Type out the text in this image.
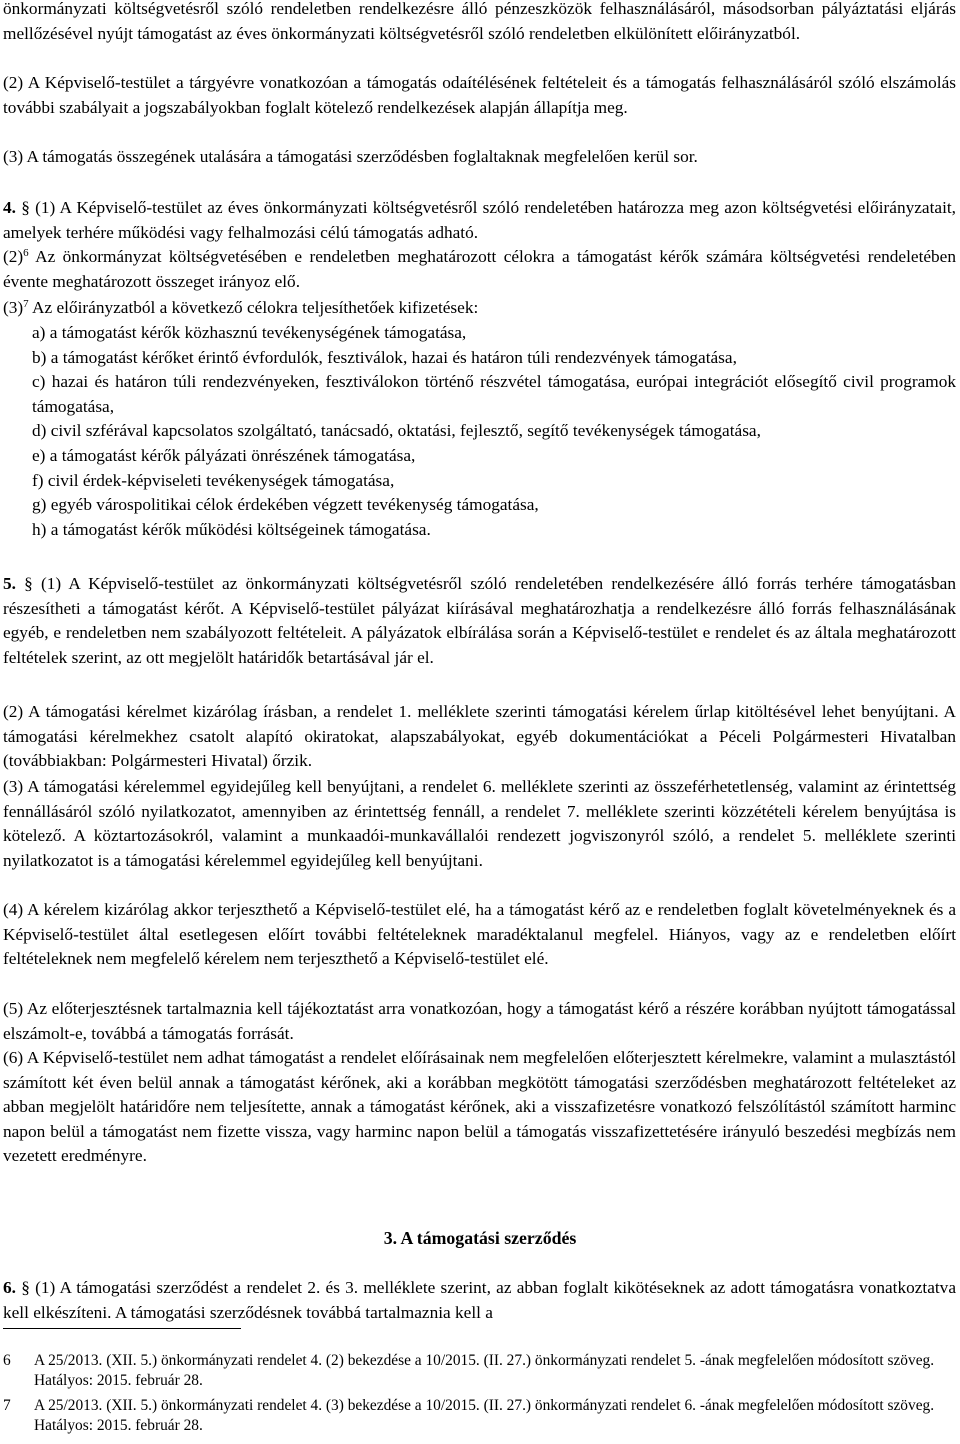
önkormányzati költségvetésről szóló rendeletben rendelkezésre álló pénzeszközök felhasználásáról, másodsorban pályáztatási eljárás mellőzésével nyújt támogatást az éves önkormányzati költségvetésről szóló rendeletben elkülönített előirányzatból.

(2) A Képviselő-testület a tárgyévre vonatkozóan a támogatás odaítélésének feltételeit és a támogatás felhasználásáról szóló elszámolás további szabályait a jogszabályokban foglalt kötelező rendelkezések alapján állapítja meg.

(3) A támogatás összegének utalására a támogatási szerződésben foglaltaknak megfelelően kerül sor.

4. § (1) A Képviselő-testület az éves önkormányzati költségvetésről szóló rendeletében határozza meg azon költségvetési előirányzatait, amelyek terhére működési vagy felhalmozási célú támogatás adható.

$(2)^6$ Az önkormányzat költségvetésében e rendeletben meghatározott célokra a támogatást kérők számára költségvetési rendeletében évente meghatározott összeget irányoz elő.

$(3)^7$ Az előirányzatból a következő célokra teljesíthetőek kifizetések:

a) a támogatást kérők közhasznú tevékenységének támogatása,
b) a támogatást kérőket érintő évfordulók, fesztiválok, hazai és határon túli rendezvények támogatása,
c) hazai és határon túli rendezvényeken, fesztiválokon történő részvétel támogatása, európai integrációt elősegítő civil programok támogatása,
d) civil szférával kapcsolatos szolgáltató, tanácsadó, oktatási, fejlesztő, segítő tevékenységek támogatása,
e) a támogatást kérők pályázati önrészének támogatása,
f) civil érdek-képviseleti tevékenységek támogatása,
g) egyéb várospolitikai célok érdekében végzett tevékenység támogatása,
h) a támogatást kérők működési költségeinek támogatása.

5. § (1) A Képviselő-testület az önkormányzati költségvetésről szóló rendeletében rendelkezésére álló forrás terhére támogatásban részesítheti a támogatást kérőt. A Képviselő-testület pályázat kiírásával meghatározhatja a rendelkezésre álló forrás felhasználásának egyéb, e rendeletben nem szabályozott feltételeit. A pályázatok elbírálása során a Képviselő-testület e rendelet és az általa meghatározott feltételek szerint, az ott megjelölt határidők betartásával jár el.

(2) A támogatási kérelmet kizárólag írásban, a rendelet 1. melléklete szerinti támogatási kérelem űrlap kitöltésével lehet benyújtani. A támogatási kérelmekhez csatolt alapító okiratokat, alapszabályokat, egyéb dokumentációkat a Péceli Polgármesteri Hivatalban (továbbiakban: Polgármesteri Hivatal) őrzik.

(3) A támogatási kérelemmel egyidejűleg kell benyújtani, a rendelet 6. melléklete szerinti az összeférhetetlenség, valamint az érintettség fennállásáról szóló nyilatkozatot, amennyiben az érintettség fennáll, a rendelet 7. melléklete szerinti közzétételi kérelem benyújtása is kötelező. A köztartozásokról, valamint a munkaadói-munkavállalói rendezett jogviszonyról szóló, a rendelet 5. melléklete szerinti nyilatkozatot is a támogatási kérelemmel egyidejűleg kell benyújtani.

(4) A kérelem kizárólag akkor terjeszthető a Képviselő-testület elé, ha a támogatást kérő az e rendeletben foglalt követelményeknek és a Képviselő-testület által esetlegesen előírt további feltételeknek maradéktalanul megfelel. Hiányos, vagy az e rendeletben előírt feltételeknek nem megfelelő kérelem nem terjeszthető a Képviselő-testület elé.

(5) Az előterjesztésnek tartalmaznia kell tájékoztatást arra vonatkozóan, hogy a támogatást kérő a részére korábban nyújtott támogatással elszámolt-e, továbbá a támogatás forrását.

(6) A Képviselő-testület nem adhat támogatást a rendelet előírásainak nem megfelelően előterjesztett kérelmekre, valamint a mulasztástól számított két éven belül annak a támogatást kérőnek, aki a korábban megkötött támogatási szerződésben meghatározott feltételeket az abban megjelölt határidőre nem teljesítette, annak a támogatást kérőnek, aki a visszafizetésre vonatkozó felszólítástól számított harminc napon belül a támogatást nem fizette vissza, vagy harminc napon belül a támogatás visszafizettetésére irányuló beszedési megbízás nem vezetett eredményre.

3. A támogatási szerződés

6. § (1) A támogatási szerződést a rendelet 2. és 3. melléklete szerint, az abban foglalt kikötéseknek az adott támogatásra vonatkoztatva kell elkészíteni. A támogatási szerződésnek továbbá tartalmaznia kell a

6	A 25/2013. (XII. 5.) önkormányzati rendelet 4. (2) bekezdése a 10/2015. (II. 27.) önkormányzati rendelet 5. -ának megfelelően módosított szöveg. Hatályos: 2015. február 28.
7	A 25/2013. (XII. 5.) önkormányzati rendelet 4. (3) bekezdése a 10/2015. (II. 27.) önkormányzati rendelet 6. -ának megfelelően módosított szöveg. Hatályos: 2015. február 28.
